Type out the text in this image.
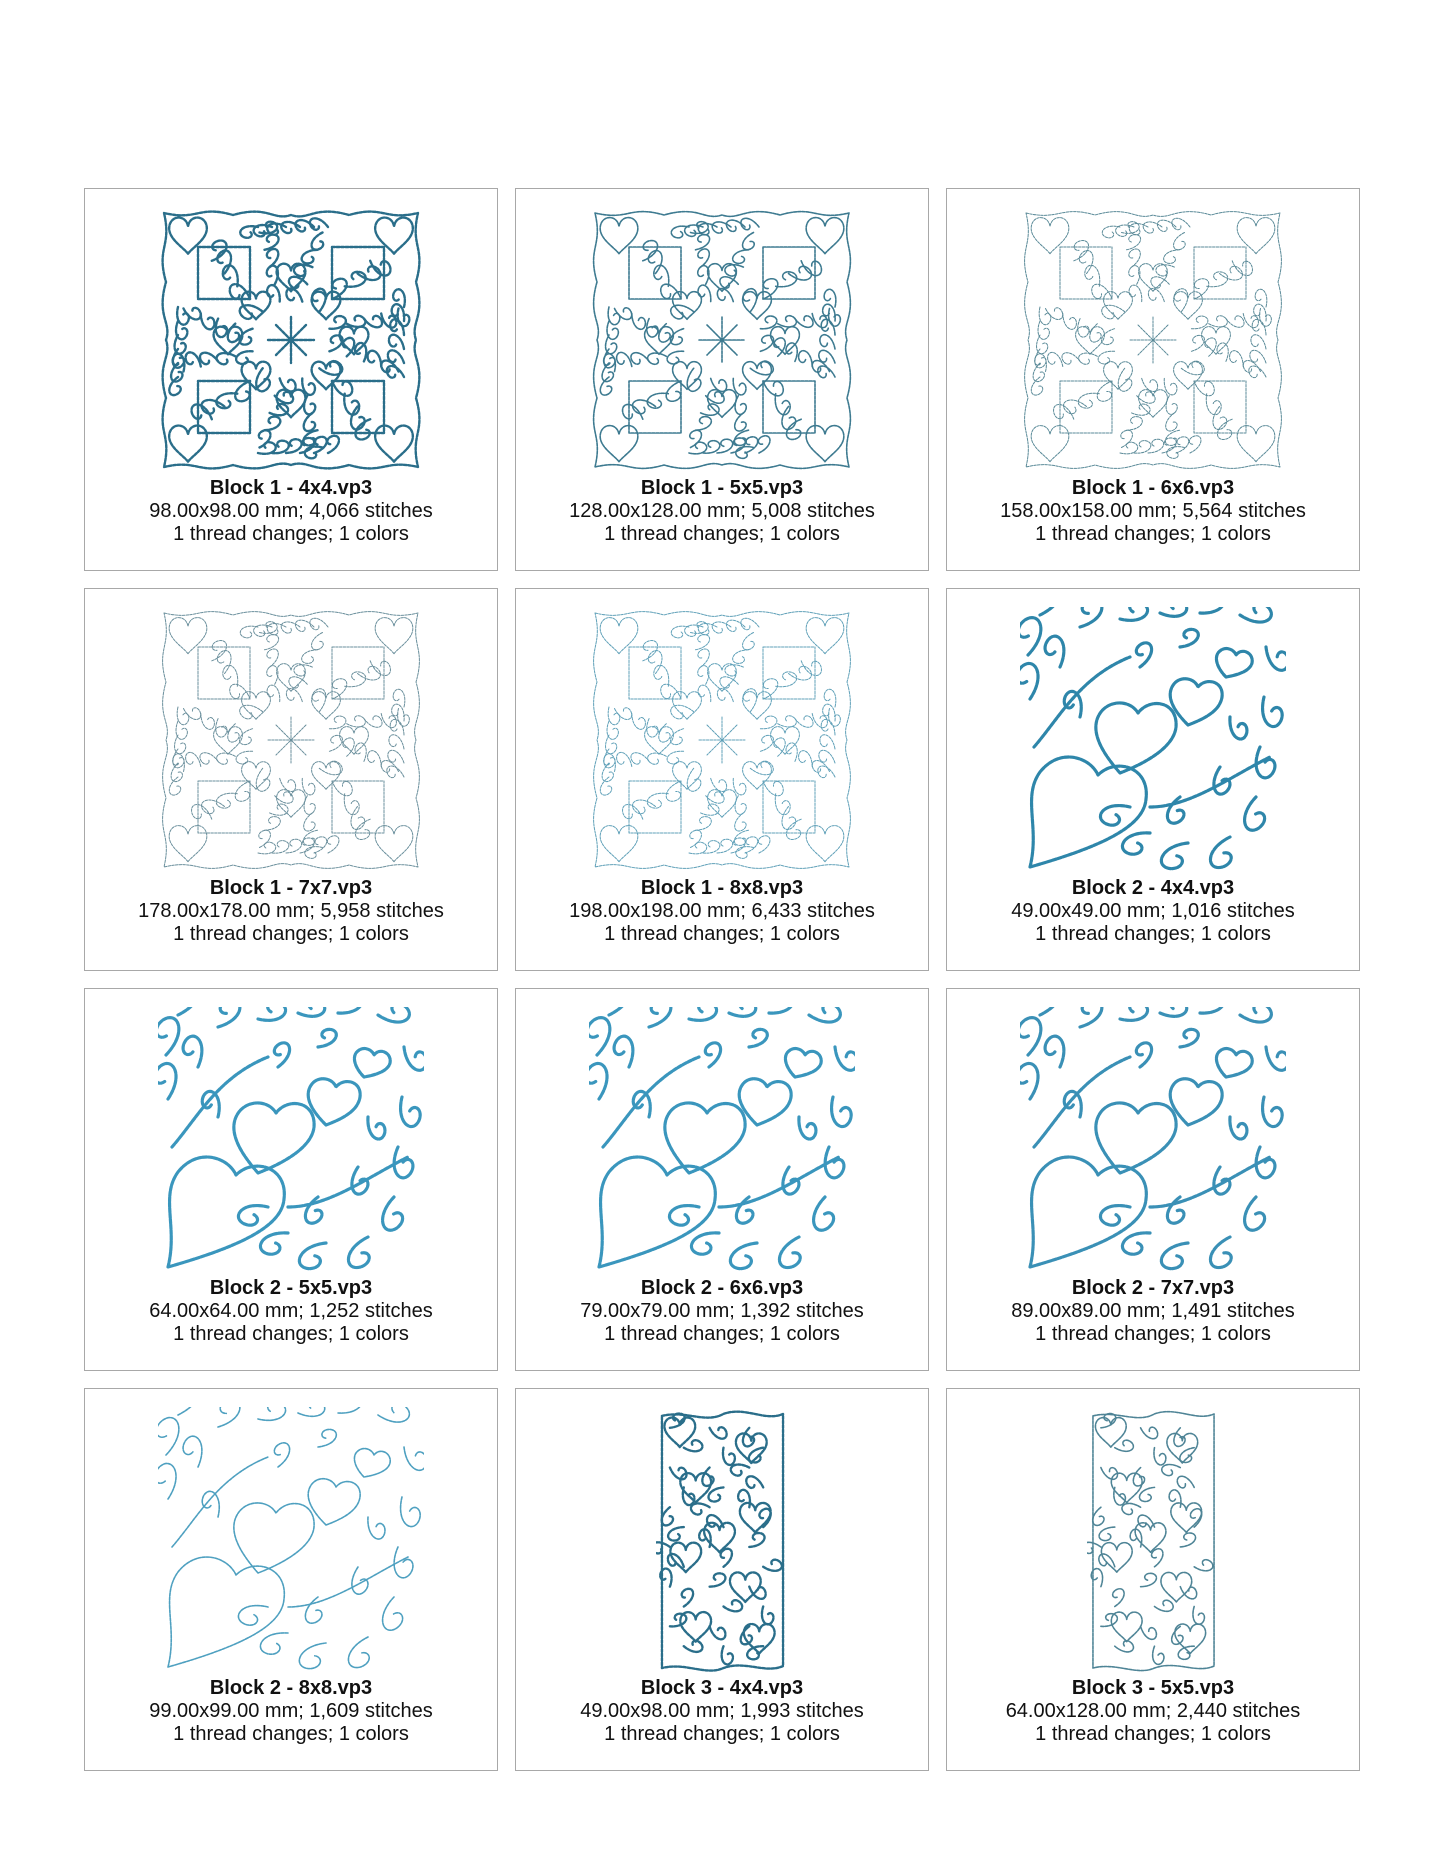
Block 1 - 4x4.vp3
98.00x98.00 mm; 4,066 stitches
1 thread changes; 1 colors
Block 1 - 5x5.vp3
128.00x128.00 mm; 5,008 stitches
1 thread changes; 1 colors
Block 1 - 6x6.vp3
158.00x158.00 mm; 5,564 stitches
1 thread changes; 1 colors
Block 1 - 7x7.vp3
178.00x178.00 mm; 5,958 stitches
1 thread changes; 1 colors
Block 1 - 8x8.vp3
198.00x198.00 mm; 6,433 stitches
1 thread changes; 1 colors
Block 2 - 4x4.vp3
49.00x49.00 mm; 1,016 stitches
1 thread changes; 1 colors
Block 2 - 5x5.vp3
64.00x64.00 mm; 1,252 stitches
1 thread changes; 1 colors
Block 2 - 6x6.vp3
79.00x79.00 mm; 1,392 stitches
1 thread changes; 1 colors
Block 2 - 7x7.vp3
89.00x89.00 mm; 1,491 stitches
1 thread changes; 1 colors
Block 2 - 8x8.vp3
99.00x99.00 mm; 1,609 stitches
1 thread changes; 1 colors
Block 3 - 4x4.vp3
49.00x98.00 mm; 1,993 stitches
1 thread changes; 1 colors
Block 3 - 5x5.vp3
64.00x128.00 mm; 2,440 stitches
1 thread changes; 1 colors
